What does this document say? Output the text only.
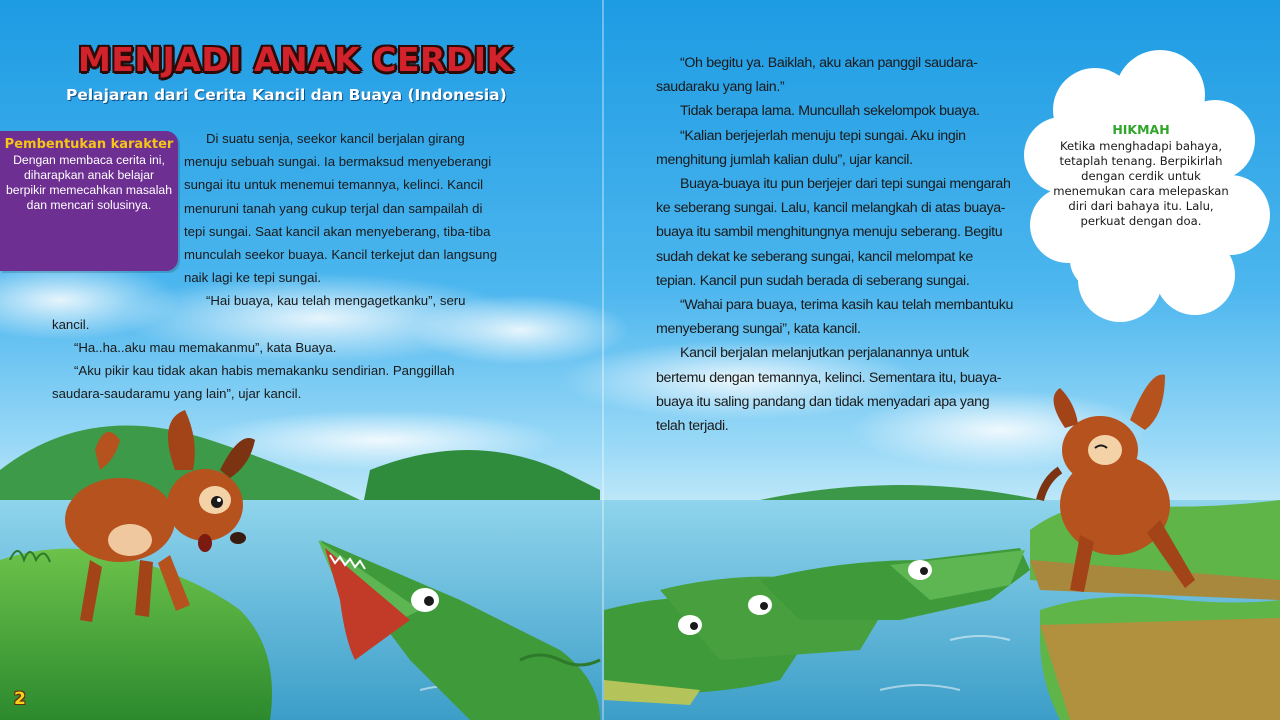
MENJADI ANAK CERDIK
Pelajaran dari Cerita Kancil dan Buaya (Indonesia)
Pembentukan karakter

Dengan membaca cerita ini, diharapkan anak belajar berpikir memecahkan masalah dan mencari solusinya.

Di suatu senja, seekor kancil berjalan girang menuju sebuah sungai. Ia bermaksud menyeberangi sungai itu untuk menemui temannya, kelinci. Kancil menuruni tanah yang cukup terjal dan sampailah di tepi sungai. Saat kancil akan menyeberang, tiba-tiba munculah seekor buaya. Kancil terkejut dan langsung naik lagi ke tepi sungai.
“Hai buaya, kau telah mengagetkanku”, seru kancil.
“Ha..ha..aku mau memakanmu”, kata Buaya.
“Aku pikir kau tidak akan habis memakanku sendirian. Panggillah saudara-saudaramu yang lain”, ujar kancil.
2
“Oh begitu ya. Baiklah, aku akan panggil saudara-saudaraku yang lain.”
Tidak berapa lama. Muncullah sekelompok buaya.
“Kalian berjejerlah menuju tepi sungai. Aku ingin menghitung jumlah kalian dulu”, ujar kancil.
Buaya-buaya itu pun berjejer dari tepi sungai mengarah ke seberang sungai. Lalu, kancil melangkah di atas buaya-buaya itu sambil menghitungnya menuju seberang. Begitu sudah dekat ke seberang sungai, kancil melompat ke tepian. Kancil pun sudah berada di seberang sungai.
“Wahai para buaya, terima kasih kau telah membantuku menyeberang sungai”, kata kancil.
Kancil berjalan melanjutkan perjalanannya untuk bertemu dengan temannya, kelinci. Sementara itu, buaya-buaya itu saling pandang dan tidak menyadari apa yang telah terjadi.
HIKMAH

Ketika menghadapi bahaya, tetaplah tenang. Berpikirlah dengan cerdik untuk menemukan cara melepaskan diri dari bahaya itu. Lalu, perkuat dengan doa.
